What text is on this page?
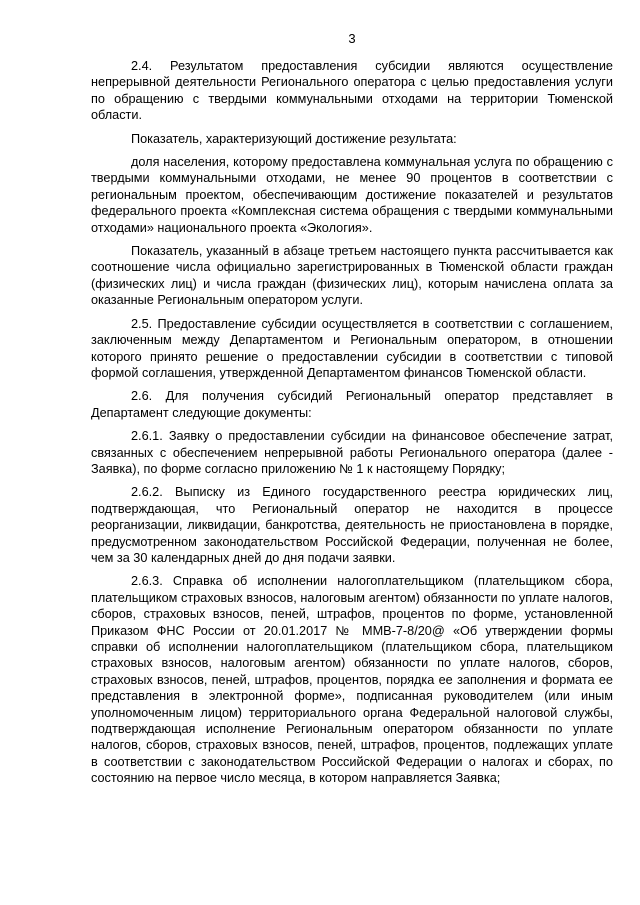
3

2.4. Результатом предоставления субсидии являются осуществление непрерывной деятельности Регионального оператора с целью предоставления услуги по обращению с твердыми коммунальными отходами на территории Тюменской области.

Показатель, характеризующий достижение результата:

доля населения, которому предоставлена коммунальная услуга по обращению с твердыми коммунальными отходами, не менее 90 процентов в соответствии с региональным проектом, обеспечивающим достижение показателей и результатов федерального проекта «Комплексная система обращения с твердыми коммунальными отходами» национального проекта «Экология».

Показатель, указанный в абзаце третьем настоящего пункта рассчитывается как соотношение числа официально зарегистрированных в Тюменской области граждан (физических лиц) и числа граждан (физических лиц), которым начислена оплата за оказанные Региональным оператором услуги.

2.5. Предоставление субсидии осуществляется в соответствии с соглашением, заключенным между Департаментом и Региональным оператором, в отношении которого принято решение о предоставлении субсидии в соответствии с типовой формой соглашения, утвержденной Департаментом финансов Тюменской области.

2.6. Для получения субсидий Региональный оператор представляет в Департамент следующие документы:

2.6.1. Заявку о предоставлении субсидии на финансовое обеспечение затрат, связанных с обеспечением непрерывной работы Регионального оператора (далее - Заявка), по форме согласно приложению № 1 к настоящему Порядку;

2.6.2. Выписку из Единого государственного реестра юридических лиц, подтверждающая, что Региональный оператор не находится в процессе реорганизации, ликвидации, банкротства, деятельность не приостановлена в порядке, предусмотренном законодательством Российской Федерации, полученная не более, чем за 30 календарных дней до дня подачи заявки.

2.6.3. Справка об исполнении налогоплательщиком (плательщиком сбора, плательщиком страховых взносов, налоговым агентом) обязанности по уплате налогов, сборов, страховых взносов, пеней, штрафов, процентов по форме, установленной Приказом ФНС России от 20.01.2017 № ММВ-7-8/20@ «Об утверждении формы справки об исполнении налогоплательщиком (плательщиком сбора, плательщиком страховых взносов, налоговым агентом) обязанности по уплате налогов, сборов, страховых взносов, пеней, штрафов, процентов, порядка ее заполнения и формата ее представления в электронной форме», подписанная руководителем (или иным уполномоченным лицом) территориального органа Федеральной налоговой службы, подтверждающая исполнение Региональным оператором обязанности по уплате налогов, сборов, страховых взносов, пеней, штрафов, процентов, подлежащих уплате в соответствии с законодательством Российской Федерации о налогах и сборах, по состоянию на первое число месяца, в котором направляется Заявка;
